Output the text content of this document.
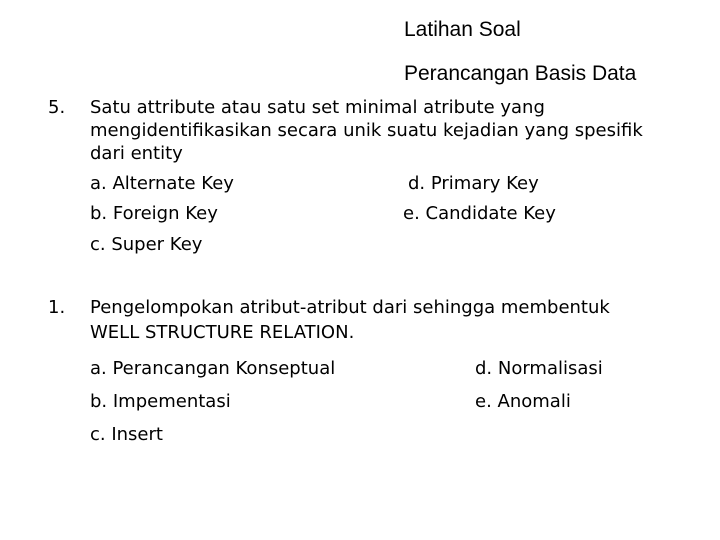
Latihan Soal
Perancangan Basis Data
5. Satu attribute atau satu set minimal atribute yang
mengidentifikasikan secara unik suatu kejadian yang spesifik
dari entity
a. Alternate Key	d. Primary Key
b. Foreign Key	e. Candidate Key
c. Super Key
1. Pengelompokan atribut-atribut dari sehingga membentuk
WELL STRUCTURE RELATION.
a. Perancangan Konseptual	d. Normalisasi
b. Impementasi	e. Anomali
c. Insert
